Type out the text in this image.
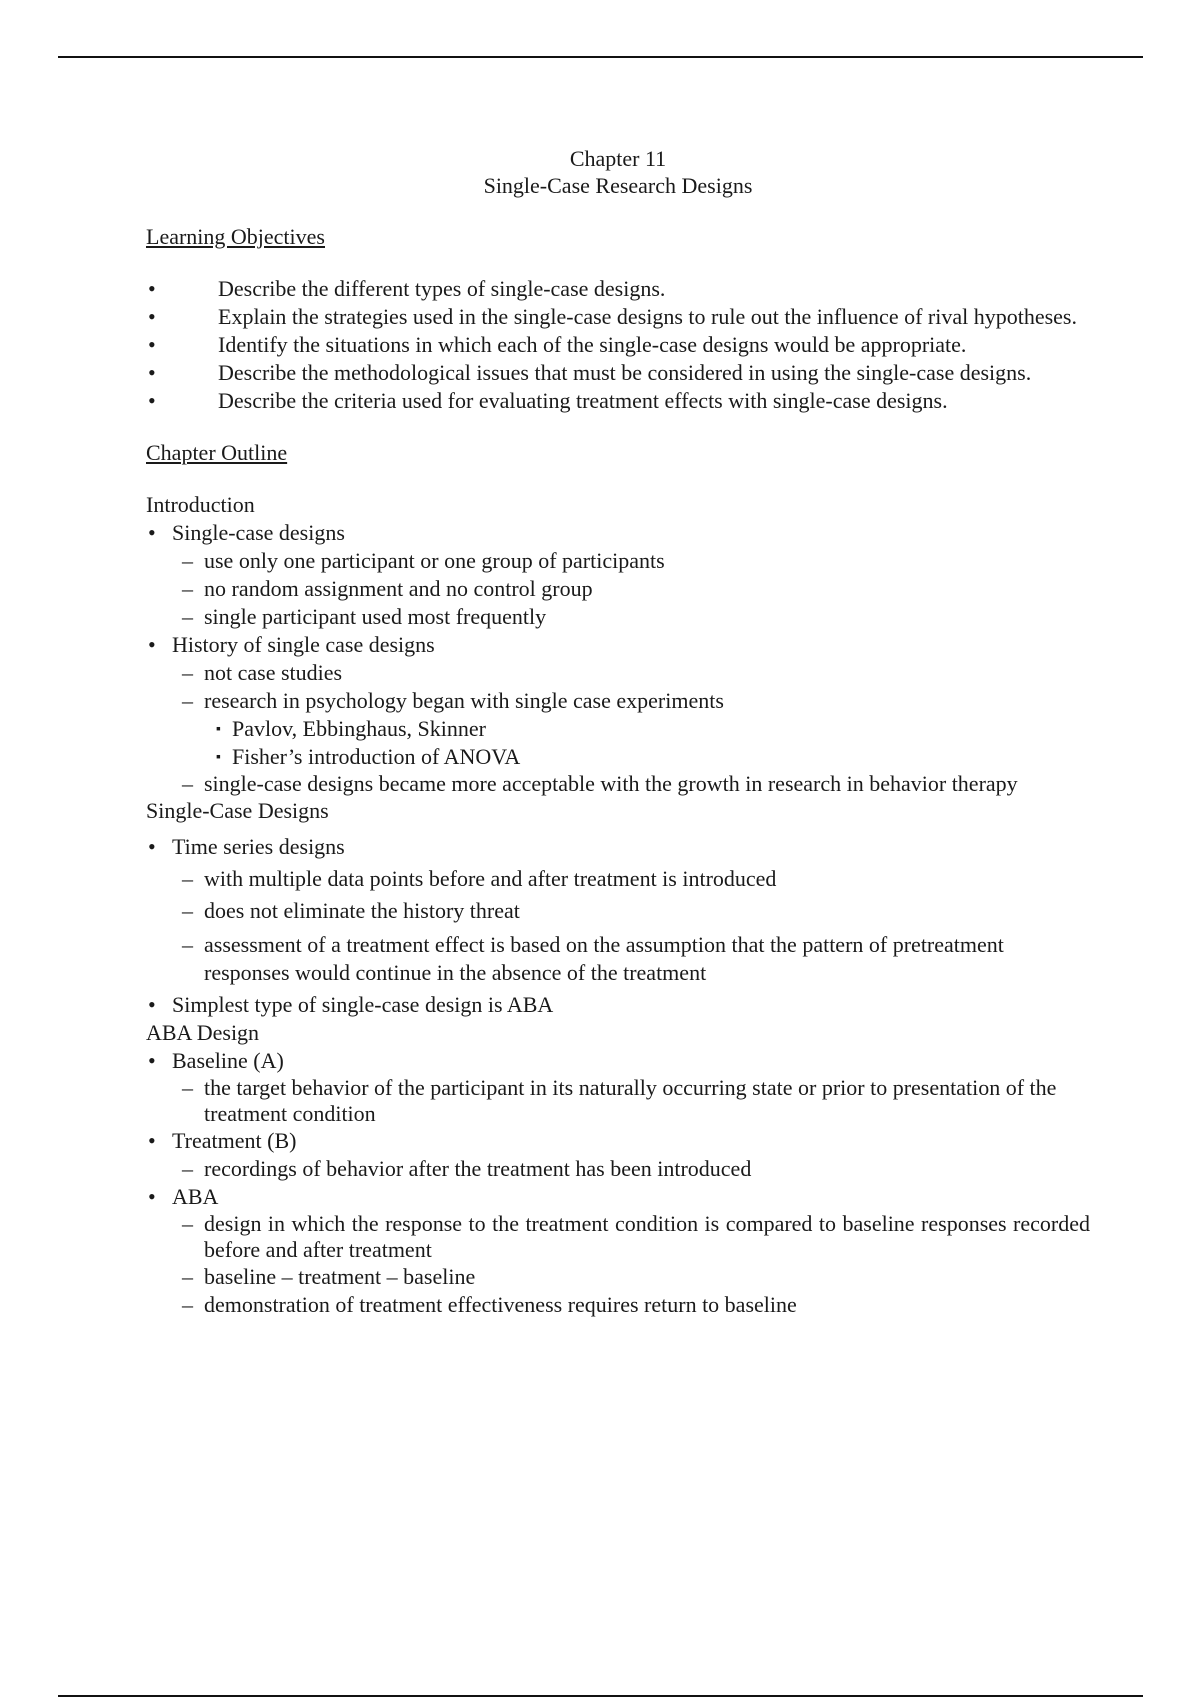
Chapter 11
Single-Case Research Designs
Learning Objectives
•	Describe the different types of single-case designs.
•	Explain the strategies used in the single-case designs to rule out the influence of rival hypotheses.
•	Identify the situations in which each of the single-case designs would be appropriate.
•	Describe the methodological issues that must be considered in using the single-case designs.
•	Describe the criteria used for evaluating treatment effects with single-case designs.
Chapter Outline
Introduction
• Single-case designs
– use only one participant or one group of participants
– no random assignment and no control group
– single participant used most frequently
• History of single case designs
– not case studies
– research in psychology began with single case experiments
▪ Pavlov, Ebbinghaus, Skinner
▪ Fisher’s introduction of ANOVA
– single-case designs became more acceptable with the growth in research in behavior therapy
Single-Case Designs
• Time series designs
– with multiple data points before and after treatment is introduced
– does not eliminate the history threat
– assessment of a treatment effect is based on the assumption that the pattern of pretreatment responses would continue in the absence of the treatment
• Simplest type of single-case design is ABA
ABA Design
• Baseline (A)
– the target behavior of the participant in its naturally occurring state or prior to presentation of the treatment condition
• Treatment (B)
– recordings of behavior after the treatment has been introduced
• ABA
– design in which the response to the treatment condition is compared to baseline responses recorded before and after treatment
– baseline – treatment – baseline
– demonstration of treatment effectiveness requires return to baseline
